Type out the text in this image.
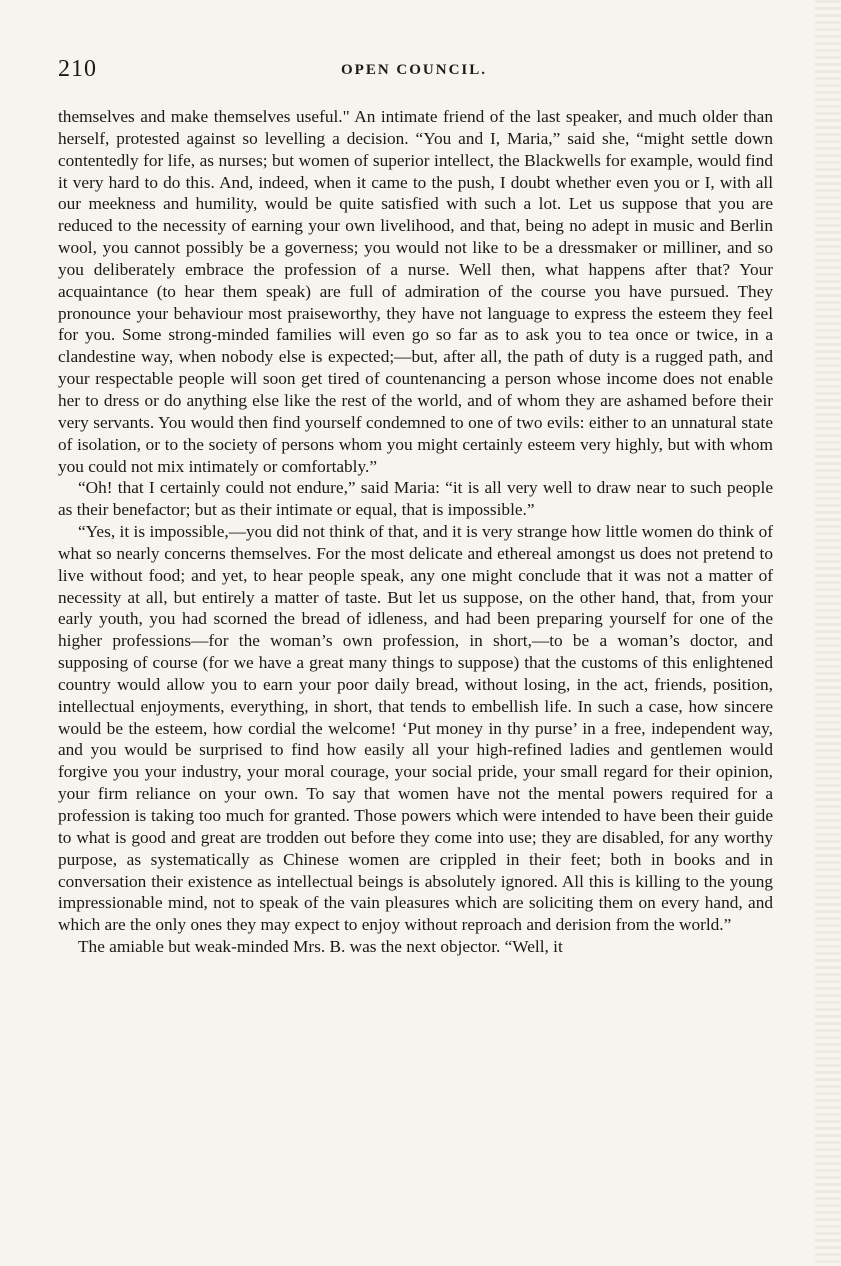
210	OPEN COUNCIL.

themselves and make themselves useful." An intimate friend of the last speaker, and much older than herself, protested against so levelling a decision. “You and I, Maria,” said she, “might settle down contentedly for life, as nurses; but women of superior intellect, the Blackwells for example, would find it very hard to do this. And, indeed, when it came to the push, I doubt whether even you or I, with all our meekness and humility, would be quite satisfied with such a lot. Let us suppose that you are reduced to the necessity of earning your own livelihood, and that, being no adept in music and Berlin wool, you cannot possibly be a governess; you would not like to be a dressmaker or milliner, and so you deliberately embrace the profession of a nurse. Well then, what happens after that? Your acquaintance (to hear them speak) are full of admiration of the course you have pursued. They pronounce your behaviour most praiseworthy, they have not language to express the esteem they feel for you. Some strong-minded families will even go so far as to ask you to tea once or twice, in a clandestine way, when nobody else is expected;—but, after all, the path of duty is a rugged path, and your respectable people will soon get tired of countenancing a person whose income does not enable her to dress or do anything else like the rest of the world, and of whom they are ashamed before their very servants. You would then find yourself condemned to one of two evils: either to an unnatural state of isolation, or to the society of persons whom you might certainly esteem very highly, but with whom you could not mix intimately or comfortably.”

“Oh! that I certainly could not endure,” said Maria: “it is all very well to draw near to such people as their benefactor; but as their intimate or equal, that is impossible.”

“Yes, it is impossible,—you did not think of that, and it is very strange how little women do think of what so nearly concerns themselves. For the most delicate and ethereal amongst us does not pretend to live without food; and yet, to hear people speak, any one might conclude that it was not a matter of necessity at all, but entirely a matter of taste. But let us suppose, on the other hand, that, from your early youth, you had scorned the bread of idleness, and had been preparing yourself for one of the higher professions—for the woman’s own profession, in short,—to be a woman’s doctor, and supposing of course (for we have a great many things to suppose) that the customs of this enlightened country would allow you to earn your poor daily bread, without losing, in the act, friends, position, intellectual enjoyments, everything, in short, that tends to embellish life. In such a case, how sincere would be the esteem, how cordial the welcome! ‘Put money in thy purse’ in a free, independent way, and you would be surprised to find how easily all your high-refined ladies and gentlemen would forgive you your industry, your moral courage, your social pride, your small regard for their opinion, your firm reliance on your own. To say that women have not the mental powers required for a profession is taking too much for granted. Those powers which were intended to have been their guide to what is good and great are trodden out before they come into use; they are disabled, for any worthy purpose, as systematically as Chinese women are crippled in their feet; both in books and in conversation their existence as intellectual beings is absolutely ignored. All this is killing to the young impressionable mind, not to speak of the vain pleasures which are soliciting them on every hand, and which are the only ones they may expect to enjoy without reproach and derision from the world.”

The amiable but weak-minded Mrs. B. was the next objector. “Well, it
